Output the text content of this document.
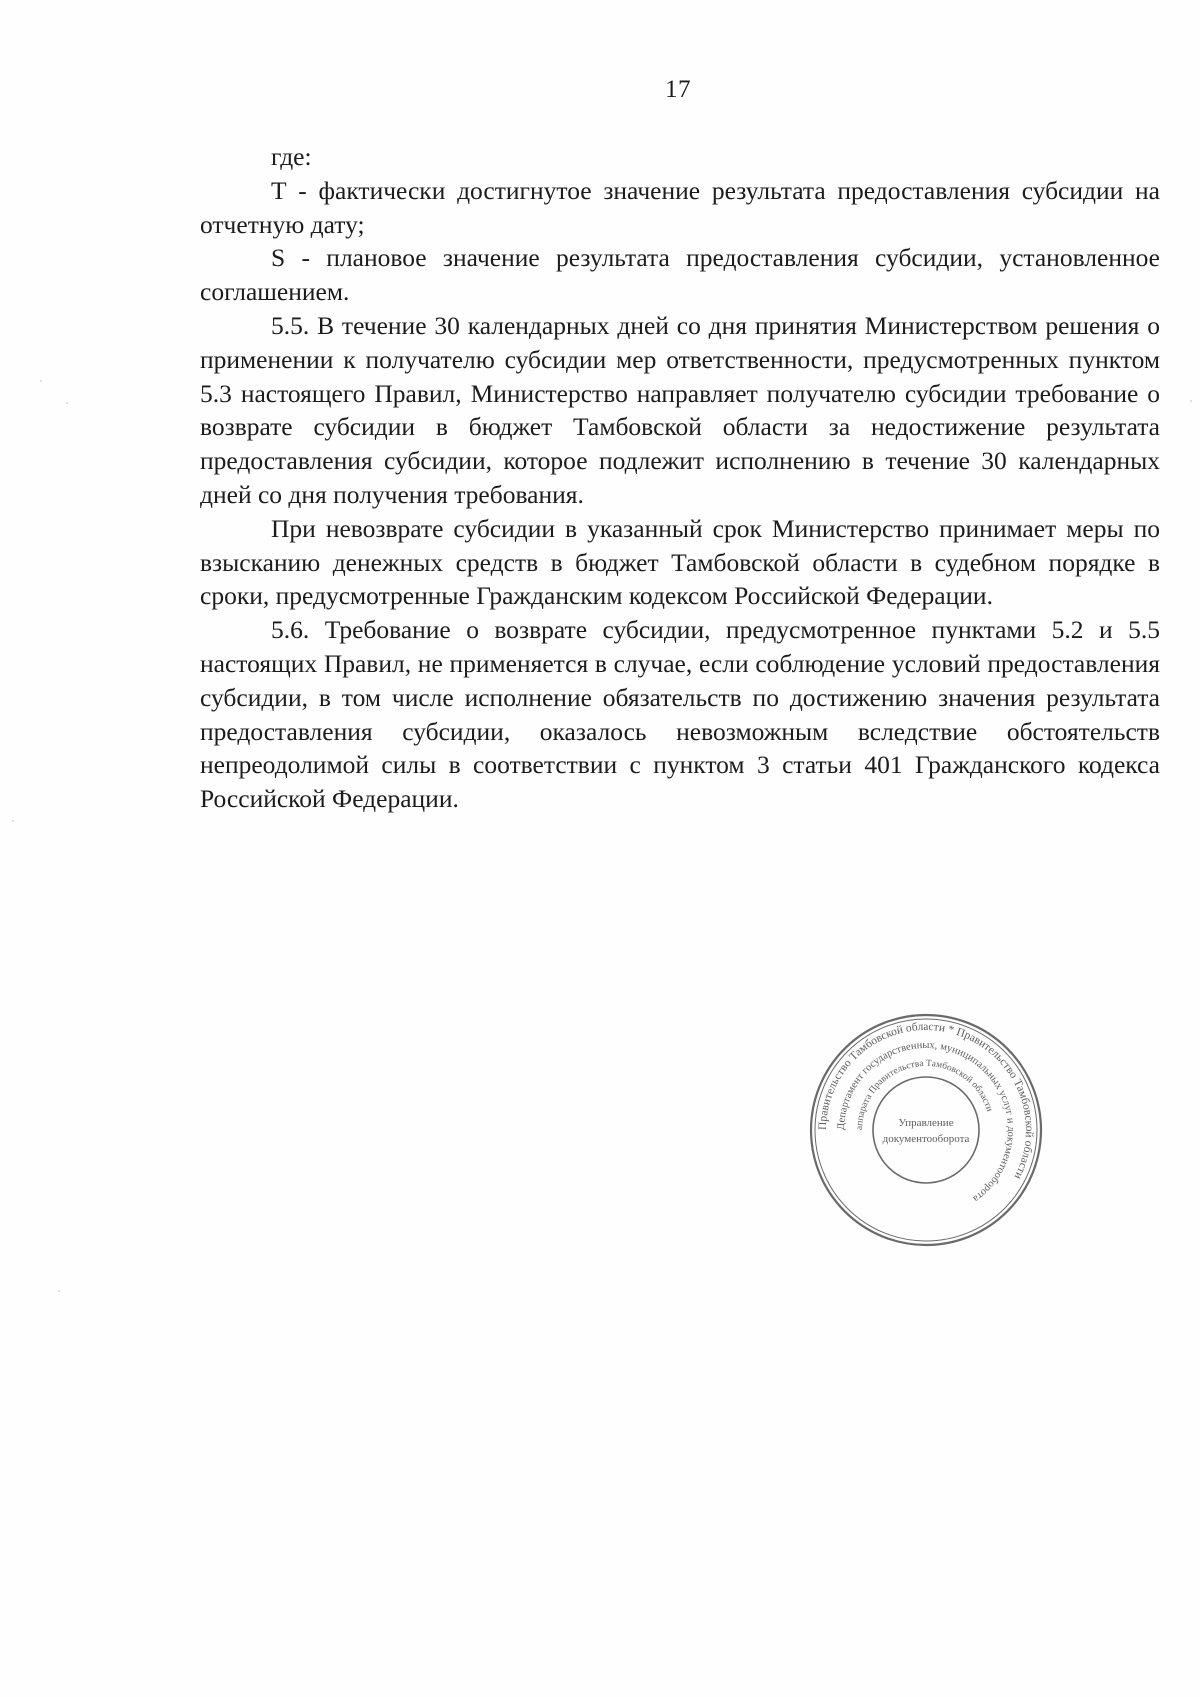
17

где:

Т - фактически достигнутое значение результата предоставления субсидии на отчетную дату;

S - плановое значение результата предоставления субсидии, установленное соглашением.

5.5. В течение 30 календарных дней со дня принятия Министерством решения о применении к получателю субсидии мер ответственности, предусмотренных пунктом 5.3 настоящего Правил, Министерство направляет получателю субсидии требование о возврате субсидии в бюджет Тамбовской области за недостижение результата предоставления субсидии, которое подлежит исполнению в течение 30 календарных дней со дня получения требования.

При невозврате субсидии в указанный срок Министерство принимает меры по взысканию денежных средств в бюджет Тамбовской области в судебном порядке в сроки, предусмотренные Гражданским кодексом Российской Федерации.

5.6. Требование о возврате субсидии, предусмотренное пунктами 5.2 и 5.5 настоящих Правил, не применяется в случае, если соблюдение условий предоставления субсидии, в том числе исполнение обязательств по достижению значения результата предоставления субсидии, оказалось невозможным вследствие обстоятельств непреодолимой силы в соответствии с пунктом 3 статьи 401 Гражданского кодекса Российской Федерации.

Правительство Тамбовской области * Правительство Тамбовской области
Департамент государственных, муниципальных услуг и документооборота
аппарата Правительства Тамбовской области
Управление
документооборота
